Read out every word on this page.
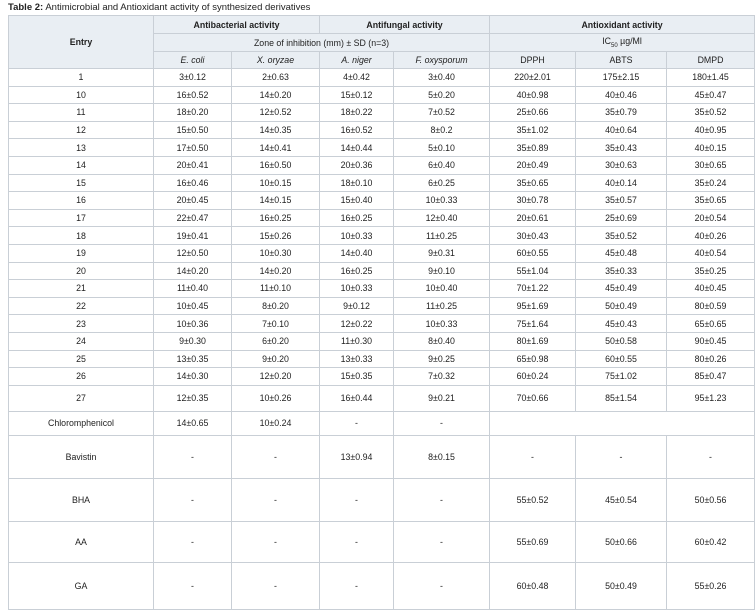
Table 2: Antimicrobial and Antioxidant activity of synthesized derivatives
Entry	Antibacterial activity		Antifungal activity		Antioxidant activity		
	Zone of inhibition (mm) ± SD (n=3)				$IC_{50}$ µg/Ml		
	E. coli	X. oryzae	A. niger	F. oxysporum	DPPH	ABTS	DMPD
1	3±0.12	2±0.63	4±0.42	3±0.40	220±2.01	175±2.15	180±1.45
10	16±0.52	14±0.20	15±0.12	5±0.20	40±0.98	40±0.46	45±0.47
11	18±0.20	12±0.52	18±0.22	7±0.52	25±0.66	35±0.79	35±0.52
12	15±0.50	14±0.35	16±0.52	8±0.2	35±1.02	40±0.64	40±0.95
13	17±0.50	14±0.41	14±0.44	5±0.10	35±0.89	35±0.43	40±0.15
14	20±0.41	16±0.50	20±0.36	6±0.40	20±0.49	30±0.63	30±0.65
15	16±0.46	10±0.15	18±0.10	6±0.25	35±0.65	40±0.14	35±0.24
16	20±0.45	14±0.15	15±0.40	10±0.33	30±0.78	35±0.57	35±0.65
17	22±0.47	16±0.25	16±0.25	12±0.40	20±0.61	25±0.69	20±0.54
18	19±0.41	15±0.26	10±0.33	11±0.25	30±0.43	35±0.52	40±0.26
19	12±0.50	10±0.30	14±0.40	9±0.31	60±0.55	45±0.48	40±0.54
20	14±0.20	14±0.20	16±0.25	9±0.10	55±1.04	35±0.33	35±0.25
21	11±0.40	11±0.10	10±0.33	10±0.40	70±1.22	45±0.49	40±0.45
22	10±0.45	8±0.20	9±0.12	11±0.25	95±1.69	50±0.49	80±0.59
23	10±0.36	7±0.10	12±0.22	10±0.33	75±1.64	45±0.43	65±0.65
24	9±0.30	6±0.20	11±0.30	8±0.40	80±1.69	50±0.58	90±0.45
25	13±0.35	9±0.20	13±0.33	9±0.25	65±0.98	60±0.55	80±0.26
26	14±0.30	12±0.20	15±0.35	7±0.32	60±0.24	75±1.02	85±0.47
27	12±0.35	10±0.26	16±0.44	9±0.21	70±0.66	85±1.54	95±1.23
Chloromphenicol	14±0.65	10±0.24	-	-			
Bavistin	-	-	13±0.94	8±0.15	-	-	-
BHA	-	-	-	-	55±0.52	45±0.54	50±0.56
AA	-	-	-	-	55±0.69	50±0.66	60±0.42
GA	-	-	-	-	60±0.48	50±0.49	55±0.26
